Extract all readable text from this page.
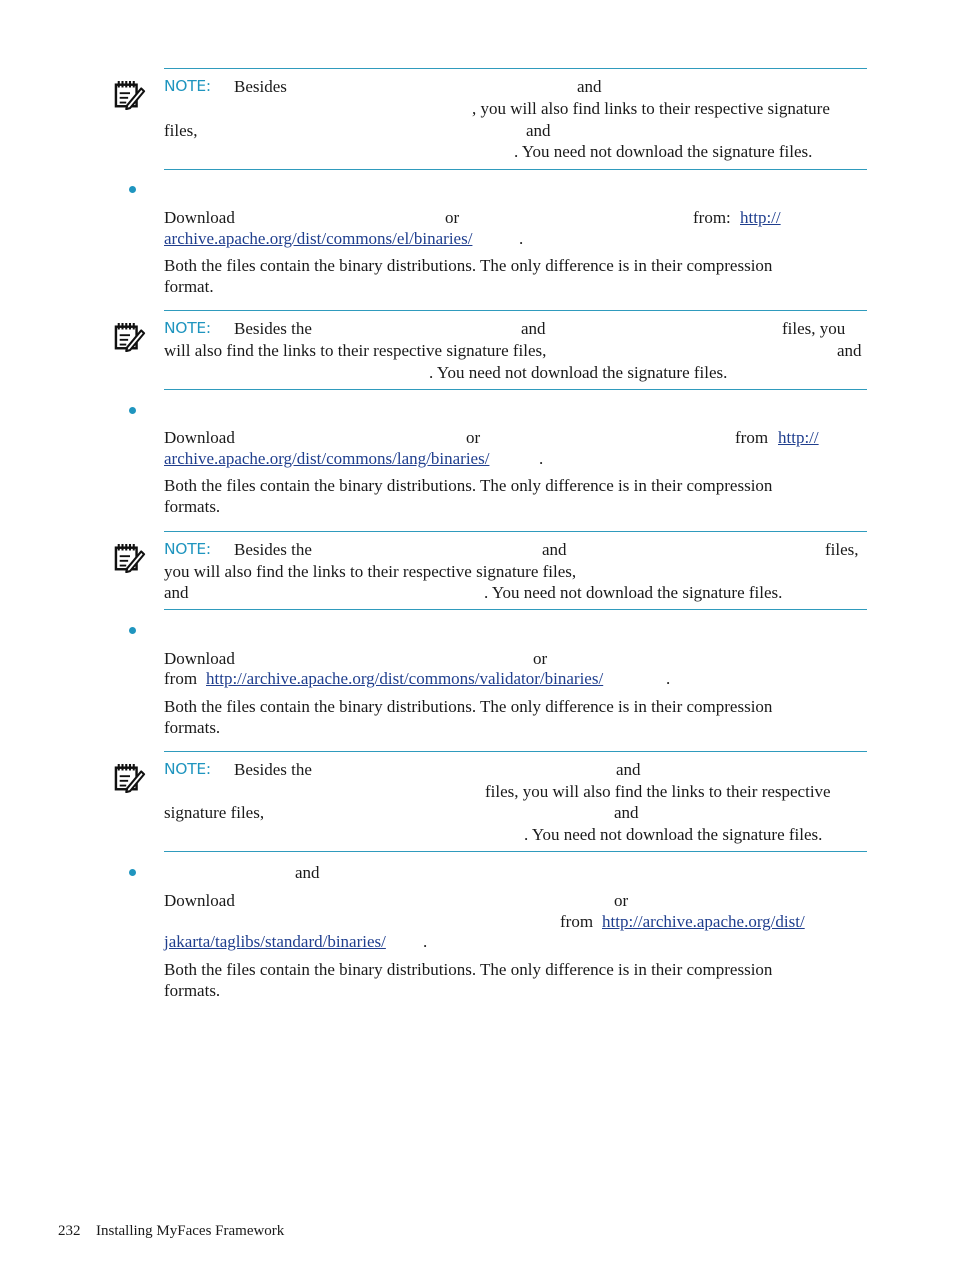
NOTE: Besides	and
, you will also find links to their respective signature
files,	and
. You need not download the signature files.
Download	or	from: http://
archive.apache.org/dist/commons/el/binaries/	.
Both the files contain the binary distributions. The only difference is in their compression
format.
NOTE: Besides the	and	files, you
will also find the links to their respective signature files,	and
. You need not download the signature files.
Download	or	from http://
archive.apache.org/dist/commons/lang/binaries/	.
Both the files contain the binary distributions. The only difference is in their compression
formats.
NOTE: Besides the	and	files,
you will also find the links to their respective signature files,
and	. You need not download the signature files.
Download	or
from http://archive.apache.org/dist/commons/validator/binaries/	.
Both the files contain the binary distributions. The only difference is in their compression
formats.
NOTE: Besides the	and
files, you will also find the links to their respective
signature files,	and
. You need not download the signature files.
and
Download	or
from http://archive.apache.org/dist/
jakarta/taglibs/standard/binaries/ .
Both the files contain the binary distributions. The only difference is in their compression
formats.
232 Installing MyFaces Framework
